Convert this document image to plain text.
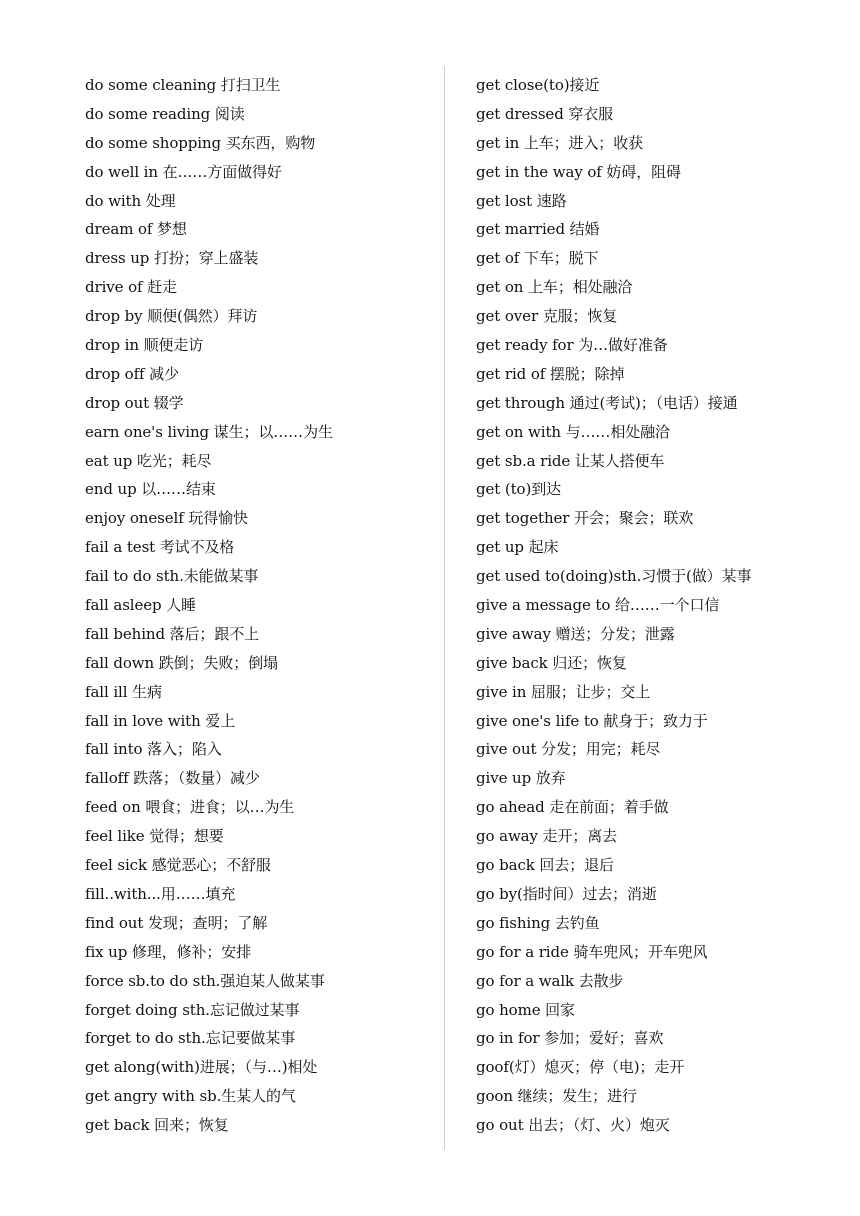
do some cleaning 打扫卫生
do some reading 阅读
do some shopping 买东西，购物
do well in 在……方面做得好
do with 处理
dream of 梦想
dress up 打扮；穿上盛装
drive of 赶走
drop by 顺便(偶然）拜访
drop in 顺便走访
drop off 减少
drop out 辍学
earn one's living 谋生；以……为生
eat up 吃光；耗尽
end up 以……结束
enjoy oneself 玩得愉快
fail a test 考试不及格
fail to do sth.未能做某事
fall asleep 人睡
fall behind 落后；跟不上
fall down 跌倒；失败；倒塌
fall ill 生病
fall in love with 爱上
fall into 落入；陷入
falloff 跌落；（数量）减少
feed on 喂食；进食；以…为生
feel like 觉得；想要
feel sick 感觉恶心；不舒服
fill..with...用……填充
find out 发现；查明；了解
fix up 修理，修补；安排
force sb.to do sth.强迫某人做某事
forget doing sth.忘记做过某事
forget to do sth.忘记要做某事
get along(with)进展；（与…)相处
get angry with sb.生某人的气
get back 回来；恢复
get close(to)接近
get dressed 穿衣服
get in 上车；进入；收获
get in the way of 妨碍，阻碍
get lost 速路
get married 结婚
get of 下车；脱下
get on 上车；相处融洽
get over 克服；恢复
get ready for 为…做好准备
get rid of 摆脱；除掉
get through 通过(考试)；（电话）接通
get on with 与……相处融洽
get sb.a ride 让某人搭便车
get (to)到达
get together 开会；聚会；联欢
get up 起床
get used to(doing)sth.习惯于(做）某事
give a message to 给……一个口信
give away 赠送；分发；泄露
give back 归还；恢复
give in 屈服；让步；交上
give one's life to 献身于；致力于
give out 分发；用完；耗尽
give up 放弃
go ahead 走在前面；着手做
go away 走开；离去
go back 回去；退后
go by(指时间）过去；消逝
go fishing 去钓鱼
go for a ride 骑车兜风；开车兜风
go for a walk 去散步
go home 回家
go in for 参加；爱好；喜欢
goof(灯）熄灭；停（电)；走开
goon 继续；发生；进行
go out 出去；（灯、火）炮灭
